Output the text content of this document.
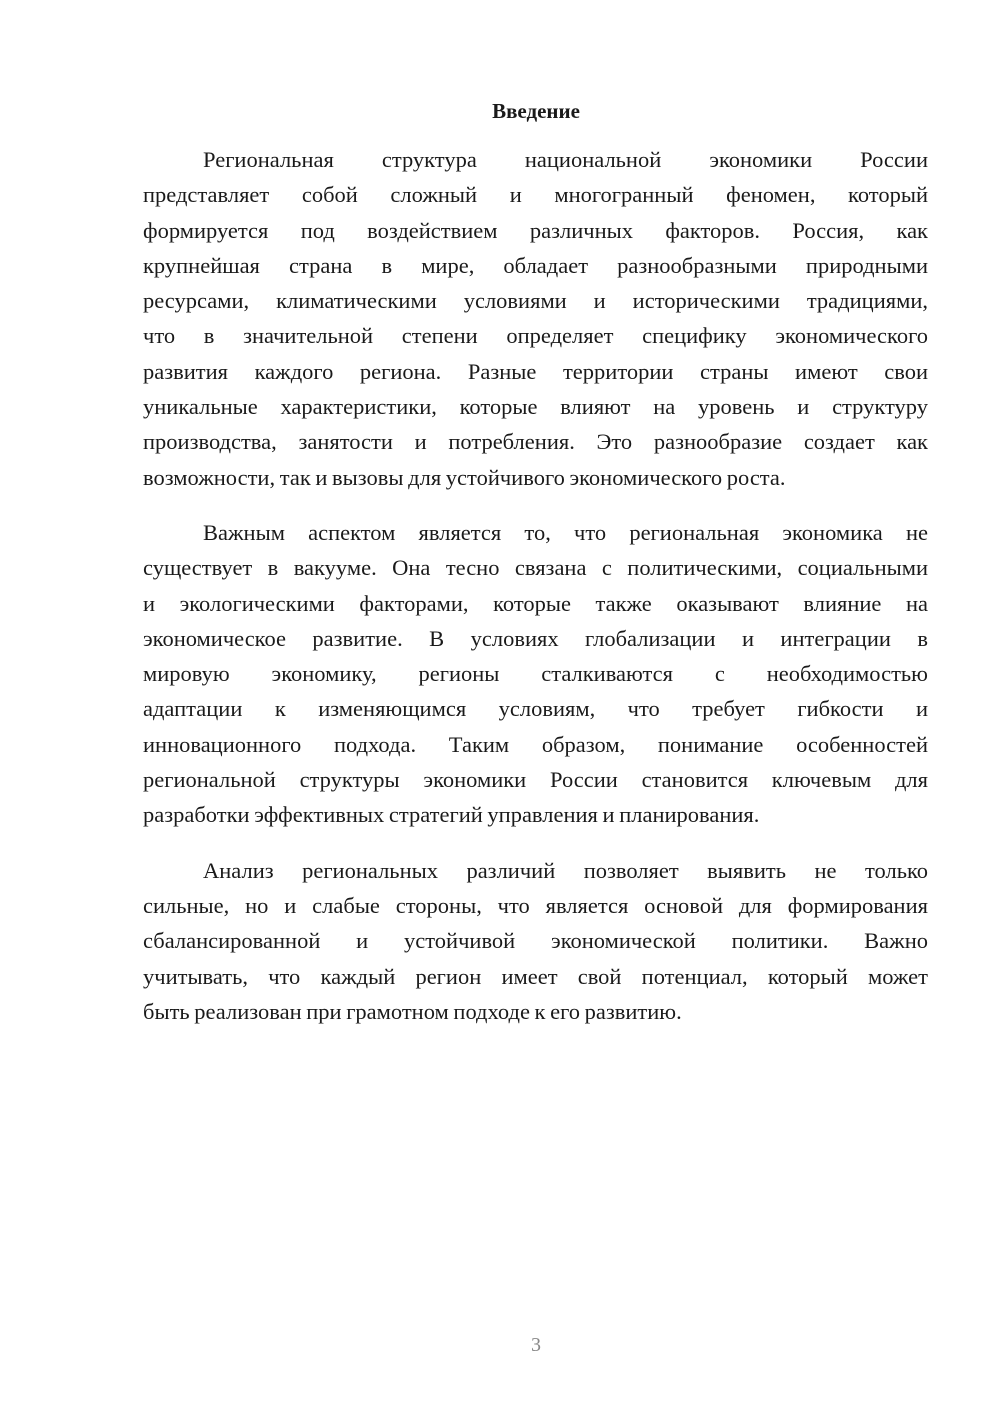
Введение
Региональная структура национальной экономики России
представляет собой сложный и многогранный феномен, который
формируется под воздействием различных факторов. Россия, как
крупнейшая страна в мире, обладает разнообразными природными
ресурсами, климатическими условиями и историческими традициями,
что в значительной степени определяет специфику экономического
развития каждого региона. Разные территории страны имеют свои
уникальные характеристики, которые влияют на уровень и структуру
производства, занятости и потребления. Это разнообразие создает как
возможности, так и вызовы для устойчивого экономического роста.
Важным аспектом является то, что региональная экономика не
существует в вакууме. Она тесно связана с политическими, социальными
и экологическими факторами, которые также оказывают влияние на
экономическое развитие. В условиях глобализации и интеграции в
мировую экономику, регионы сталкиваются с необходимостью
адаптации к изменяющимся условиям, что требует гибкости и
инновационного подхода. Таким образом, понимание особенностей
региональной структуры экономики России становится ключевым для
разработки эффективных стратегий управления и планирования.
Анализ региональных различий позволяет выявить не только
сильные, но и слабые стороны, что является основой для формирования
сбалансированной и устойчивой экономической политики. Важно
учитывать, что каждый регион имеет свой потенциал, который может
быть реализован при грамотном подходе к его развитию.
3
